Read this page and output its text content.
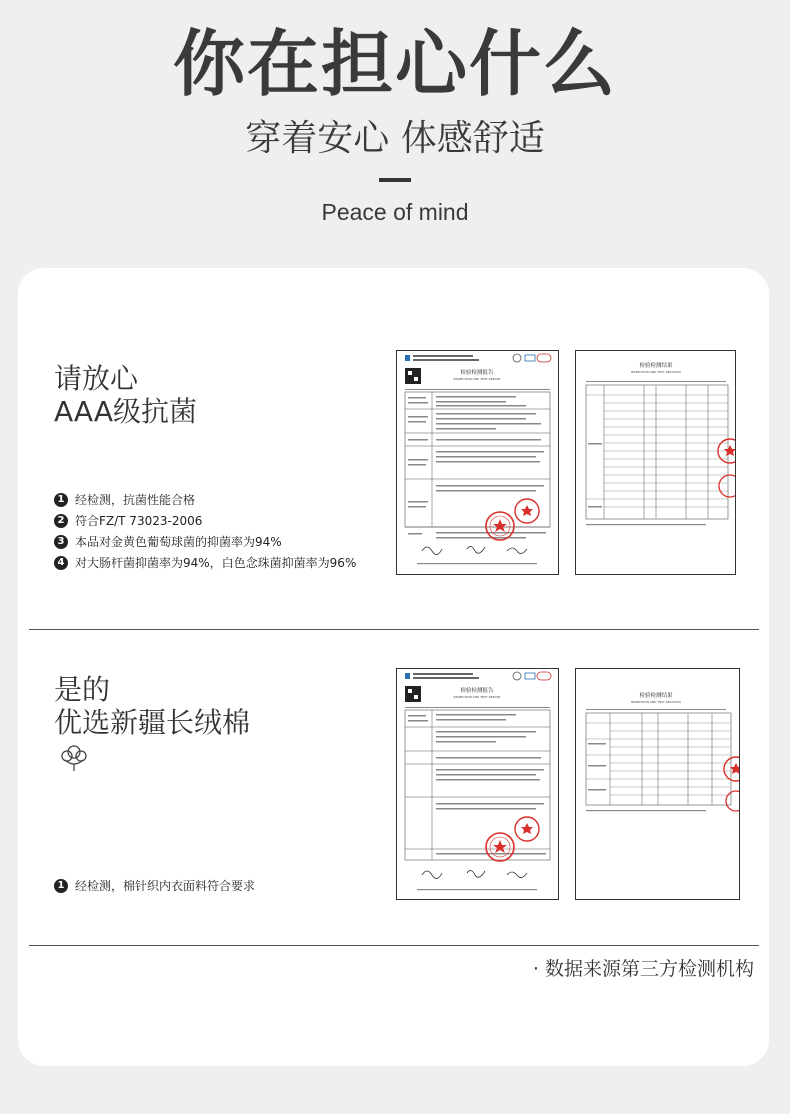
你在担心什么
穿着安心 体感舒适
Peace of mind
请放心
AAA级抗菌
1 经检测，抗菌性能合格
2 符合FZ/T 73023-2006
3 本品对金黄色葡萄球菌的抑菌率为94%
4 对大肠杆菌抑菌率为94%，白色念珠菌抑菌率为96%
检验检测报告
INSPECTION AND TEST REPORT
检验检测结果
INSPECTION AND TEST RESULT(S)
是的
优选新疆长绒棉
1 经检测，棉针织内衣面料符合要求
检验检测报告
INSPECTION AND TEST REPORT	检验检测结果
INSPECTION AND TEST RESULT(S)
· 数据来源第三方检测机构
